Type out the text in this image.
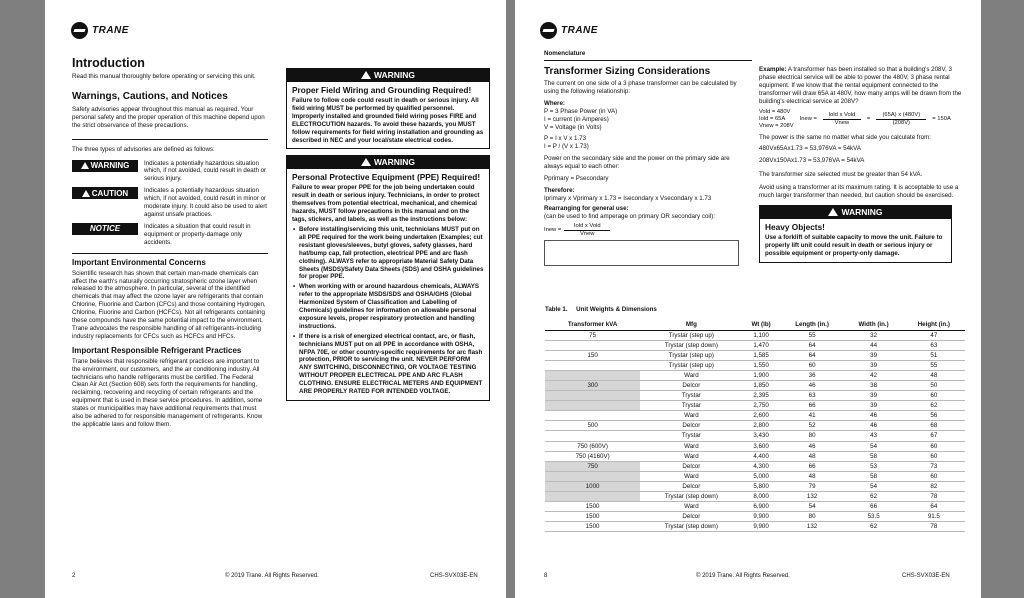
TRANE
Introduction
Read this manual thoroughly before operating or servicing this unit.
Warnings, Cautions, and Notices
Safety advisories appear throughout this manual as required. Your personal safety and the proper operation of this machine depend upon the strict observance of these precautions.
The three types of advisories are defined as follows:
WARNING Indicates a potentially hazardous situation which, if not avoided, could result in death or serious injury.
CAUTION	Indicates a potentially hazardous situation which, if not avoided, could result in minor or moderate injury. It could also be used to alert against unsafe practices.
NOTICE	Indicates a situation that could result in equipment or property-damage only accidents.
Important Environmental Concerns
Scientific research has shown that certain man-made chemicals can affect the earth's naturally occurring stratospheric ozone layer when released to the atmosphere. In particular, several of the identified chemicals that may affect the ozone layer are refrigerants that contain Chlorine, Fluorine and Carbon (CFCs) and those containing Hydrogen, Chlorine, Fluorine and Carbon (HCFCs). Not all refrigerants containing these compounds have the same potential impact to the environment. Trane advocates the responsible handling of all refrigerants-including industry replacements for CFCs such as HCFCs and HFCs.
Important Responsible Refrigerant Practices
Trane believes that responsible refrigerant practices are important to the environment, our customers, and the air conditioning industry. All technicians who handle refrigerants must be certified. The Federal Clean Air Act (Section 608) sets forth the requirements for handling, reclaiming, recovering and recycling of certain refrigerants and the equipment that is used in these service procedures. In addition, some states or municipalities may have additional requirements that must also be adhered to for responsible management of refrigerants. Know the applicable laws and follow them.
WARNING
Proper Field Wiring and Grounding Required!
Failure to follow code could result in death or serious injury. All field wiring MUST be performed by qualified personnel. Improperly installed and grounded field wiring poses FIRE and ELECTROCUTION hazards. To avoid these hazards, you MUST follow requirements for field wiring installation and grounding as described in NEC and your local/state electrical codes.
WARNING
Personal Protective Equipment (PPE) Required!
Failure to wear proper PPE for the job being undertaken could result in death or serious injury. Technicians, in order to protect themselves from potential electrical, mechanical, and chemical hazards, MUST follow precautions in this manual and on the tags, stickers, and labels, as well as the instructions below:
• Before installing/servicing this unit, technicians MUST put on all PPE required for the work being undertaken (Examples; cut resistant gloves/sleeves, butyl gloves, safety glasses, hard hat/bump cap, fall protection, electrical PPE and arc flash clothing). ALWAYS refer to appropriate Material Safety Data Sheets (MSDS)/Safety Data Sheets (SDS) and OSHA guidelines for proper PPE.
• When working with or around hazardous chemicals, ALWAYS refer to the appropriate MSDS/SDS and OSHA/GHS (Global Harmonized System of Classification and Labelling of Chemicals) guidelines for information on allowable personal exposure levels, proper respiratory protection and handling instructions.
• If there is a risk of energized electrical contact, arc, or flash, technicians MUST put on all PPE in accordance with OSHA, NFPA 70E, or other country-specific requirements for arc flash protection, PRIOR to servicing the unit. NEVER PERFORM ANY SWITCHING, DISCONNECTING, OR VOLTAGE TESTING WITHOUT PROPER ELECTRICAL PPE AND ARC FLASH CLOTHING. ENSURE ELECTRICAL METERS AND EQUIPMENT ARE PROPERLY RATED FOR INTENDED VOLTAGE.
2	© 2019 Trane. All Rights Reserved.	CHS-SVX03E-EN
TRANE
Nomenclature
Transformer Sizing Considerations
The current on one side of a 3 phase transformer can be calculated by using the following relationship:
Where:
P = 3 Phase Power (in VA)
I = current (in Amperes)
V = Voltage (in Volts)
P = I x V x 1.73
I = P / (V x 1.73)
Power on the secondary side and the power on the primary side are always equal to each other:
Pprimary = Psecondary
Therefore:
Iprimary x Vprimary x 1.73 = Isecondary x Vsecondary x 1.73
Rearranging for general use:
(can be used to find amperage on primary OR secondary coil):
Inew =
Iold x Vold
Vnew
Example: A transformer has been installed so that a building's 208V, 3 phase electrical service will be able to power the 480V, 3 phase rental equipment. If we know that the rental equipment connected to the transformer will draw 65A at 480V, how many amps will be drawn from the building's electrical service at 208V?
Vold = 480V
Iold = 65A
Vnew = 208V
Inew =
Iold x Vold
Vnew
=
(65A) x (480V)
(208V)
= 150A
The power is the same no matter what side you calculate from:
480Vx65Ax1.73 = 53,976VA = 54kVA
208Vx150Ax1.73 = 53,976VA = 54kVA
The transformer size selected must be greater than 54 kVA.
Avoid using a transformer at its maximum rating. It is acceptable to use a much larger transformer than needed, but caution should be exercised.
WARNING
Heavy Objects!
Use a forklift of suitable capacity to move the unit. Failure to properly lift unit could result in death or serious injury or possible equipment or property-only damage.
Table 1.     Unit Weights & Dimensions
Transformer kVA	Mfg	Wt (lb)	Length (in.)	Width (in.)	Height (in.)
75	Trystar (step up)	1,100	55	32	47
	Trystar (step down)	1,470	64	44	63
150	Trystar (step up)	1,585	64	39	51
	Trystar (step up)	1,550	60	39	55
	Ward	1,900	36	42	48
300	Delcor	1,850	46	38	50
	Trystar	2,395	63	39	60
	Trystar	2,750	66	39	62
	Ward	2,600	41	46	56
500	Delcor	2,800	52	46	68
	Trystar	3,430	80	43	67
750 (600V)	Ward	3,600	46	54	60
750 (4160V)	Ward	4,400	48	58	60
750	Delcor	4,300	66	53	73
	Ward	5,000	48	58	60
1000	Delcor	5,800	79	54	82
	Trystar (step down)	8,000	132	62	78
1500	Ward	6,900	54	66	64
1500	Delcor	9,900	80	53.5	91.5
1500	Trystar (step down)	9,900	132	62	78
8	© 2019 Trane. All Rights Reserved.	CHS-SVX03E-EN
